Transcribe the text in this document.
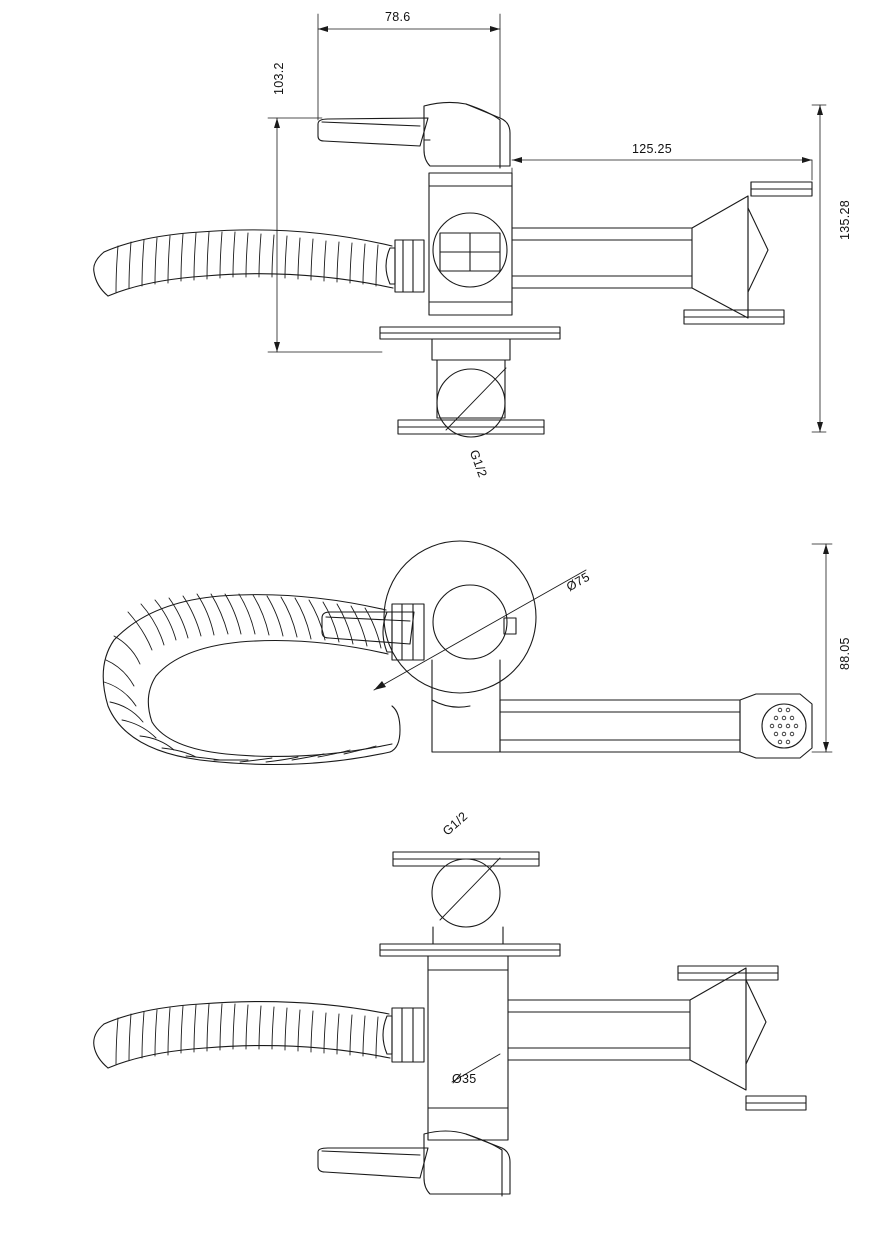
78.6
103.2
125.25
135.28
G1/2
Ø75
88.05
G1/2
Ø35
